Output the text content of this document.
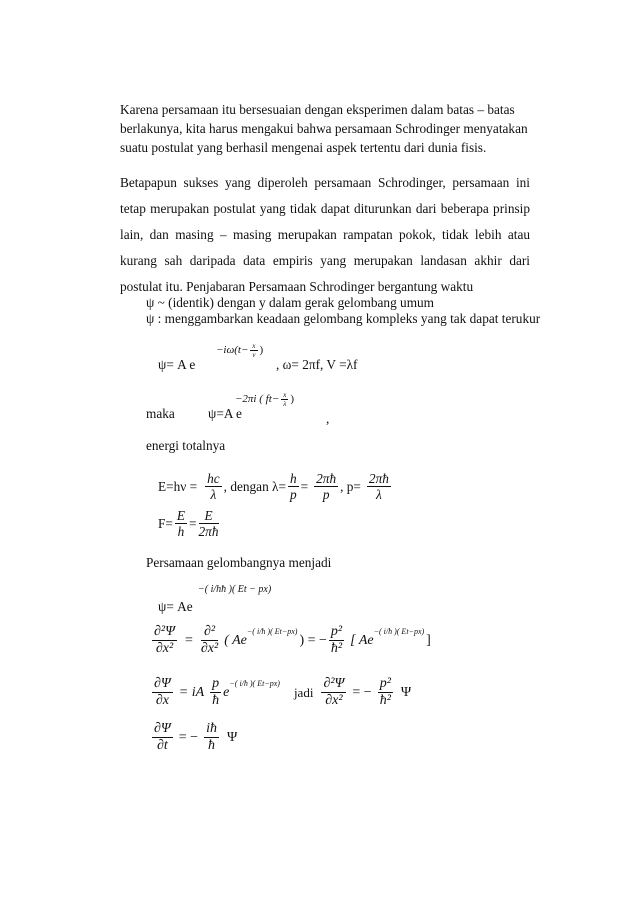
Karena persamaan itu bersesuaian dengan eksperimen dalam batas – batas berlakunya, kita harus mengakui bahwa persamaan Schrodinger menyatakan suatu postulat yang berhasil mengenai aspek tertentu dari dunia fisis.
Betapapun sukses yang diperoleh persamaan Schrodinger, persamaan ini tetap merupakan postulat yang tidak dapat diturunkan dari beberapa prinsip lain, dan masing – masing merupakan rampatan pokok, tidak lebih atau kurang sah daripada data empiris yang merupakan landasan akhir dari postulat itu. Penjabaran Persamaan Schrodinger bergantung waktu
ψ ~ (identik) dengan y dalam gerak gelombang umum
ψ : menggambarkan keadaan gelombang kompleks yang tak dapat terukur
$-i\omega(t- \frac{x}{v}$ )
ψ= A e	, ω= 2πf, V =λf
−2πi ( $ft- \frac{x}{\lambda}$ )
maka ψ=A e	,
energi totalnya
$E=h\nu = \frac{hc}{\lambda}$ , dengan $\lambda= \frac{h}{p} = \frac{2\pi ħ}{p}$ , $p= \frac{2\pi ħ}{\lambda}$
$F= \frac{E}{h} = \frac{E}{2\pi ħ}$
Persamaan gelombangnya menjadi
−( i/hħ )( Et − px)
ψ= Ae
$\frac{\text{∂²Ψ}}{\text{∂x²}} = \frac{\text{∂²}}{\text{∂x²}}$ ( Ae
−( i/ħ )( Et−px)
) = − $\frac{\text{p²}}{\text{ħ²}}$ [ Ae
−( i/ħ )( Et−px)
]
$\frac{\partial\Psi}{\partial x}$ = iA $\frac{p}{ħ}$ e
−( i/ħ )( Et−px)
jadi $\frac{\text{∂²Ψ}}{\text{∂x²}}$ = − $\frac{\text{p²}}{\text{ħ²}}$ Ψ
$\frac{\partial\Psi}{\partial t}$ = − $\frac{iħ}{ħ}$ Ψ
